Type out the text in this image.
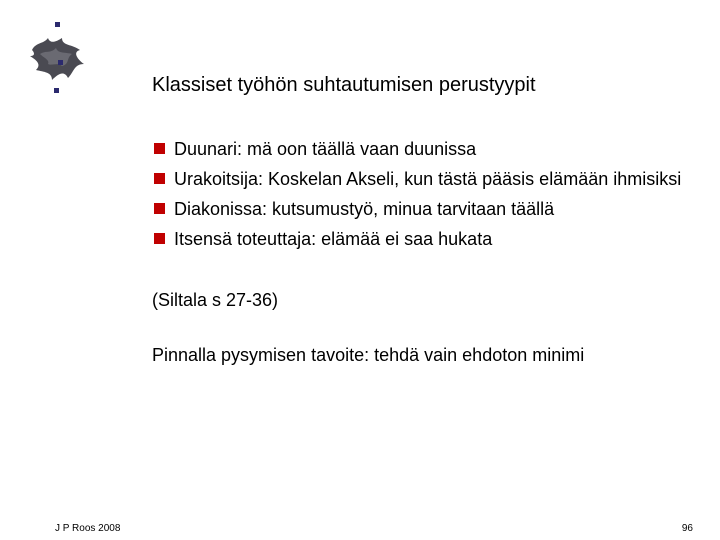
Klassiset työhön suhtautumisen perustyypit
Duunari: mä oon täällä vaan duunissa
Urakoitsija: Koskelan Akseli, kun tästä pääsis elämään ihmisiksi
Diakonissa: kutsumustyö, minua tarvitaan täällä
Itsensä toteuttaja: elämää ei saa hukata
(Siltala s 27-36)
Pinnalla pysymisen tavoite: tehdä vain ehdoton minimi
J P Roos 2008	96
